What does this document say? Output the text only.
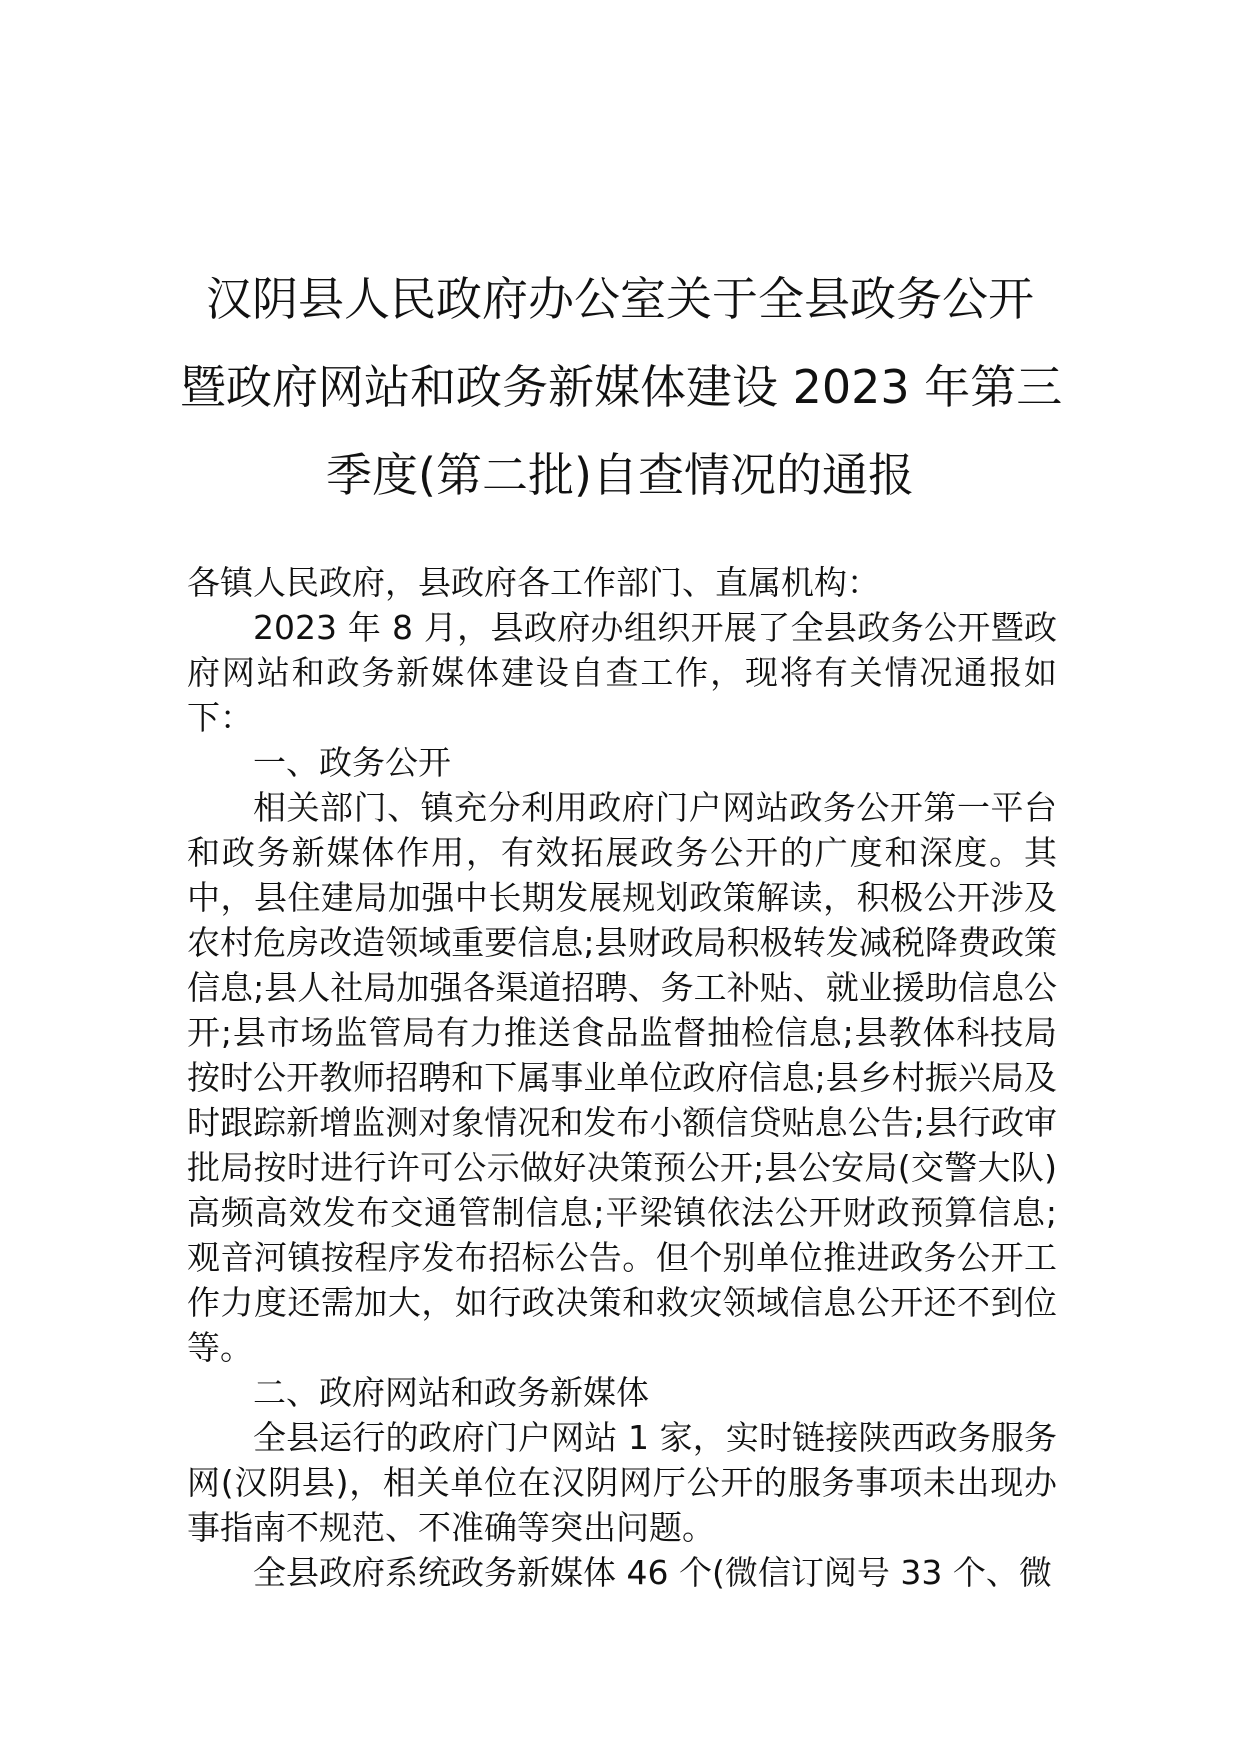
汉阴县人民政府办公室关于全县政务公开
暨政府网站和政务新媒体建设 2023 年第三
季度(第二批)自查情况的通报

各镇人民政府，县政府各工作部门、直属机构：

2023 年 8 月，县政府办组织开展了全县政务公开暨政府网站和政务新媒体建设自查工作，现将有关情况通报如下：

一、政务公开

相关部门、镇充分利用政府门户网站政务公开第一平台和政务新媒体作用，有效拓展政务公开的广度和深度。其中，县住建局加强中长期发展规划政策解读，积极公开涉及农村危房改造领域重要信息;县财政局积极转发减税降费政策信息;县人社局加强各渠道招聘、务工补贴、就业援助信息公开;县市场监管局有力推送食品监督抽检信息;县教体科技局按时公开教师招聘和下属事业单位政府信息;县乡村振兴局及时跟踪新增监测对象情况和发布小额信贷贴息公告;县行政审批局按时进行许可公示做好决策预公开;县公安局(交警大队)高频高效发布交通管制信息;平梁镇依法公开财政预算信息;观音河镇按程序发布招标公告。但个别单位推进政务公开工作力度还需加大，如行政决策和救灾领域信息公开还不到位等。

二、政府网站和政务新媒体

全县运行的政府门户网站 1 家，实时链接陕西政务服务网(汉阴县)，相关单位在汉阴网厅公开的服务事项未出现办事指南不规范、不准确等突出问题。

全县政府系统政务新媒体 46 个(微信订阅号 33 个、微
